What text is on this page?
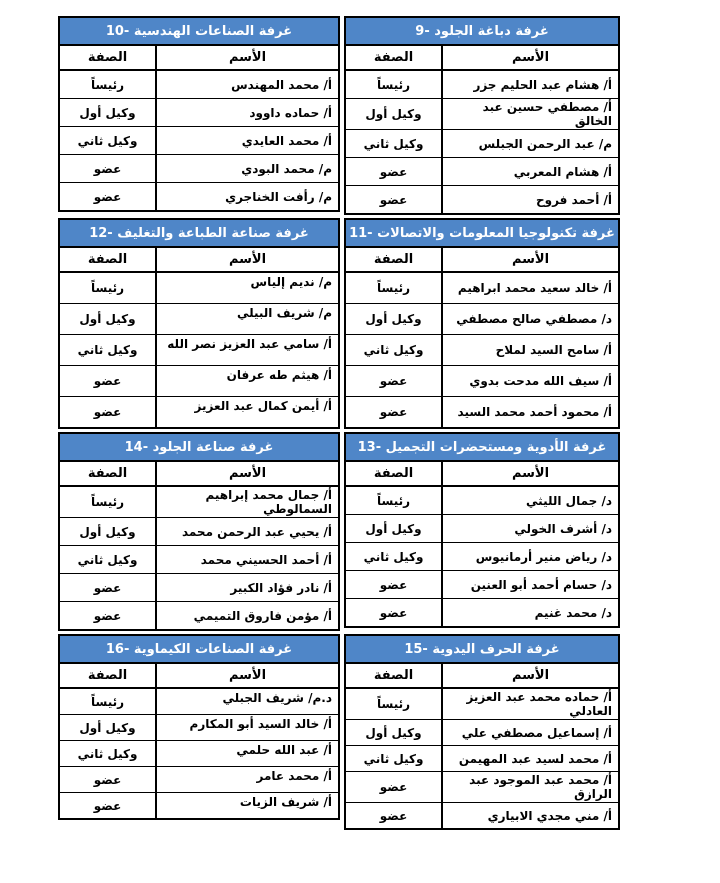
9- غرفة دباغة الجلود
الأسم
الصفة
أ/ هشام عبد الحليم جزر
رئيساً
أ/ مصطفي حسين عبد الخالق
وكيل أول
م/ عبد الرحمن الجبلس
وكيل ثاني
أ/ هشام المعربي
عضو
أ/ أحمد فروح
عضو
10- غرفة الصناعات الهندسية
الأسم
الصفة
أ/ محمد المهندس
رئيساً
أ/ حماده داوود
وكيل أول
أ/ محمد العايدي
وكيل ثاني
م/ محمد البودي
عضو
م/ رأفت الخناجري
عضو
11- غرفة تكنولوجيا المعلومات والاتصالات
الأسم
الصفة
أ/ خالد سعيد محمد ابراهيم
رئيساً
د/ مصطفي صالح مصطفي
وكيل أول
أ/ سامح السيد لملاح
وكيل ثاني
أ/ سيف الله مدحت بدوي
عضو
أ/ محمود أحمد محمد السيد
عضو
12- غرفة صناعة الطباعة والتغليف
الأسم
الصفة
م/ نديم إلياس
رئيساً
م/ شريف البيلي
وكيل أول
أ/ سامي عبد العزيز نصر الله
وكيل ثاني
أ/ هيثم طه عرفان
عضو
أ/ أيمن كمال عبد العزيز
عضو
13- غرفة الأدوية ومستحضرات التجميل
الأسم
الصفة
د/ جمال الليثي
رئيساً
د/ أشرف الخولي
وكيل أول
د/ رياض منير أرمانيوس
وكيل ثاني
د/ حسام أحمد أبو العنين
عضو
د/ محمد غنيم
عضو
14- غرفة صناعة الجلود
الأسم
الصفة
أ/ جمال محمد إبراهيم السمالوطي
رئيساً
أ/ يحيي عبد الرحمن محمد
وكيل أول
أ/ أحمد الحسيني محمد
وكيل ثاني
أ/ نادر فؤاد الكبير
عضو
أ/ مؤمن فاروق التميمي
عضو
15- غرفة الحرف اليدوية
الأسم
الصفة
أ/ حماده محمد عبد العزيز العادلي
رئيساً
أ/ إسماعيل مصطفي علي
وكيل أول
أ/ محمد لسيد عبد المهيمن
وكيل ثاني
أ/ محمد عبد الموجود عبد الرازق
عضو
أ/ مني مجدي الابياري
عضو
16- غرفة الصناعات الكيماوية
الأسم
الصفة
د.م/ شريف الجبلي
رئيساً
أ/ خالد السيد أبو المكارم
وكيل أول
أ/ عبد الله حلمي
وكيل ثاني
أ/ محمد عامر
عضو
أ/ شريف الزيات
عضو
